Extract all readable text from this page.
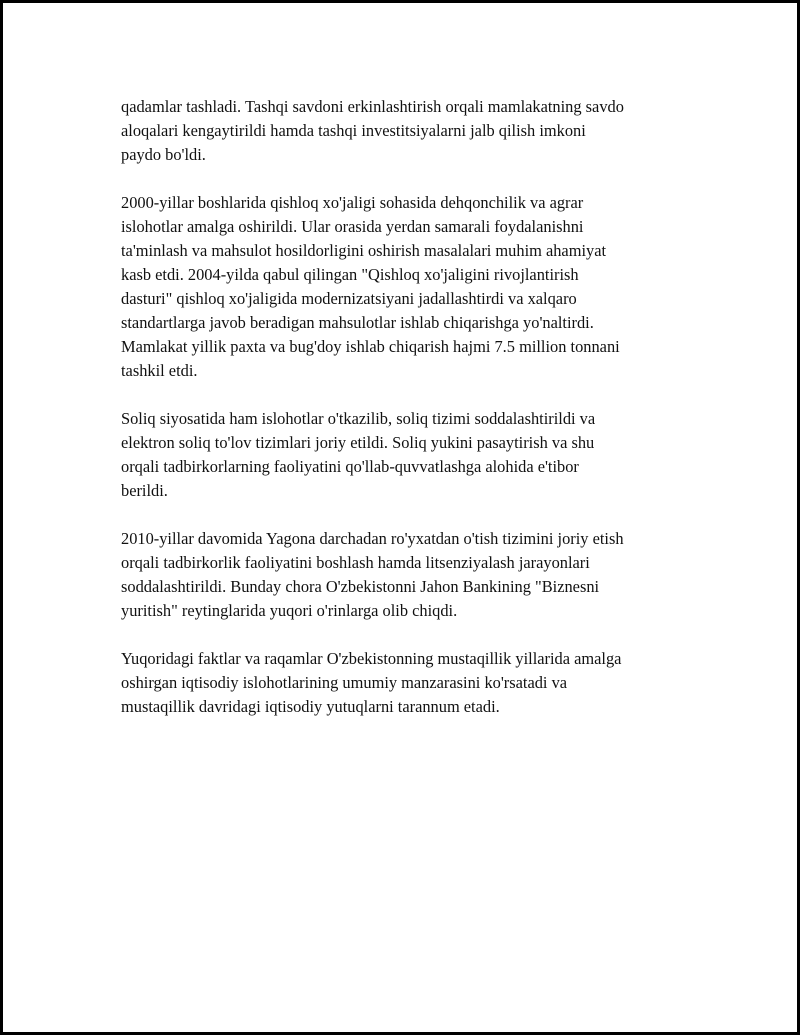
qadamlar tashladi. Tashqi savdoni erkinlashtirish orqali mamlakatning savdo
aloqalari kengaytirildi hamda tashqi investitsiyalarni jalb qilish imkoni
paydo bo'ldi.

2000-yillar boshlarida qishloq xo'jaligi sohasida dehqonchilik va agrar
islohotlar amalga oshirildi. Ular orasida yerdan samarali foydalanishni
ta'minlash va mahsulot hosildorligini oshirish masalalari muhim ahamiyat
kasb etdi. 2004-yilda qabul qilingan "Qishloq xo'jaligini rivojlantirish
dasturi" qishloq xo'jaligida modernizatsiyani jadallashtirdi va xalqaro
standartlarga javob beradigan mahsulotlar ishlab chiqarishga yo'naltirdi.
Mamlakat yillik paxta va bug'doy ishlab chiqarish hajmi 7.5 million tonnani
tashkil etdi.

Soliq siyosatida ham islohotlar o'tkazilib, soliq tizimi soddalashtirildi va
elektron soliq to'lov tizimlari joriy etildi. Soliq yukini pasaytirish va shu
orqali tadbirkorlarning faoliyatini qo'llab-quvvatlashga alohida e'tibor
berildi.

2010-yillar davomida Yagona darchadan ro'yxatdan o'tish tizimini joriy etish
orqali tadbirkorlik faoliyatini boshlash hamda litsenziyalash jarayonlari
soddalashtirildi. Bunday chora O'zbekistonni Jahon Bankining "Biznesni
yuritish" reytinglarida yuqori o'rinlarga olib chiqdi.

Yuqoridagi faktlar va raqamlar O'zbekistonning mustaqillik yillarida amalga
oshirgan iqtisodiy islohotlarining umumiy manzarasini ko'rsatadi va
mustaqillik davridagi iqtisodiy yutuqlarni tarannum etadi.
